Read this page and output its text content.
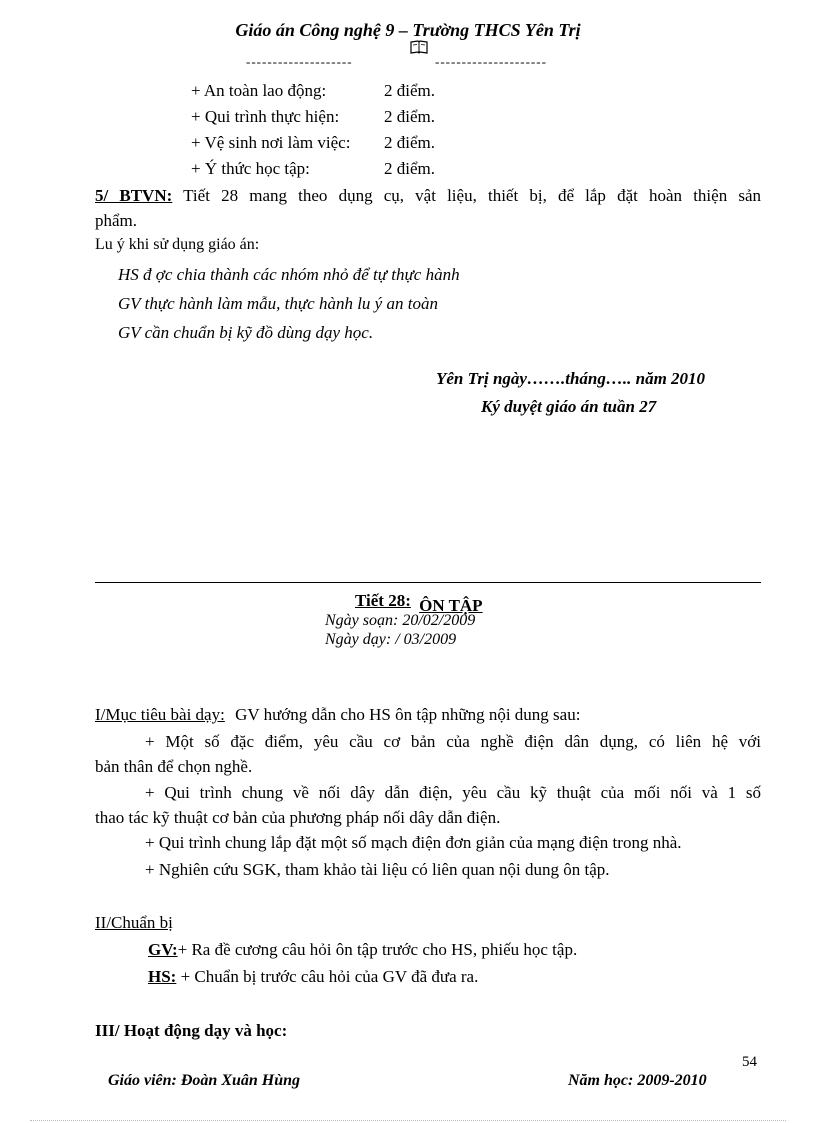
Giáo án Công nghệ 9 – Trường THCS Yên Trị
--------------------	---------------------
+ An toàn lao động:	2 điểm.
+ Qui trình thực hiện:	2 điểm.
+ Vệ sinh nơi làm việc: 2 điểm.
+ Ý thức học tập:	2 điểm.
5/ BTVN: Tiết 28 mang theo dụng cụ, vật liệu, thiết bị, để lắp đặt hoàn thiện sản
phẩm.
Lu ý khi sử dụng giáo án:
HS đ ợc chia thành các nhóm nhỏ để tự thực hành
GV thực hành làm mẫu, thực hành lu ý an toàn
GV cần chuẩn bị kỹ đồ dùng dạy học.
Yên Trị ngày…….tháng….. năm 2010
Ký duyệt giáo án tuần 27
Tiết 28: ÔN TẬP
Ngày soạn: 20/02/2009
Ngày dạy: / 03/2009
I/Mục tiêu bài dạy: GV hướng dẫn cho HS ôn tập những nội dung sau:
+ Một số đặc điểm, yêu cầu cơ bản của nghề điện dân dụng, có liên hệ với
bản thân để chọn nghề.
+ Qui trình chung về nối dây dẫn điện, yêu cầu kỹ thuật của mối nối và 1 số
thao tác kỹ thuật cơ bản của phương pháp nối dây dẫn điện.
+ Qui trình chung lắp đặt một số mạch điện đơn giản của mạng điện trong nhà.
+ Nghiên cứu SGK, tham khảo tài liệu có liên quan nội dung ôn tập.
II/Chuẩn bị
GV:+ Ra đề cương câu hỏi ôn tập trước cho HS, phiếu học tập.
HS: + Chuẩn bị trước câu hỏi của GV đã đưa ra.
III/ Hoạt động dạy và học:
54
Giáo viên: Đoàn Xuân Hùng	Năm học: 2009-2010
